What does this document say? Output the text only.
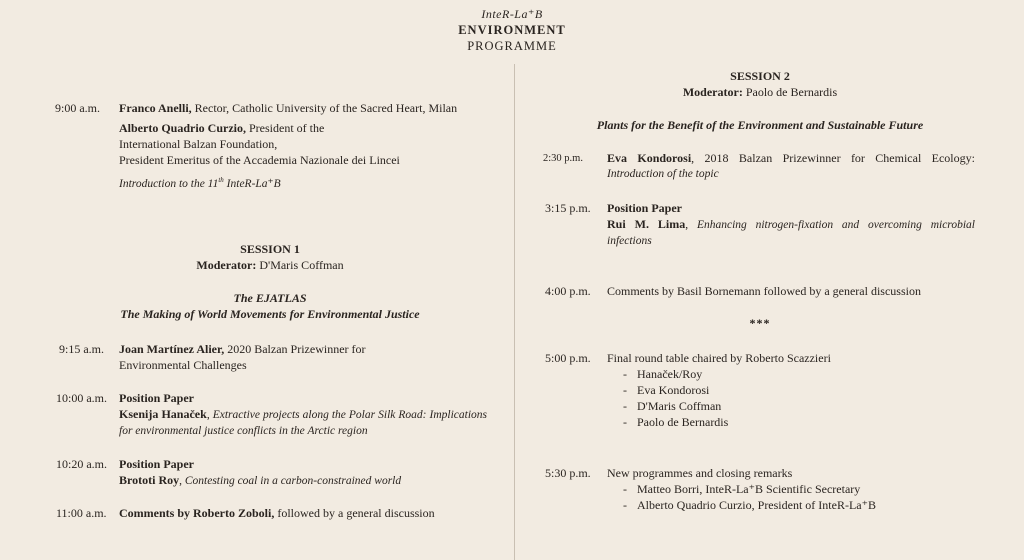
InteR-La⁺B
ENVIRONMENT
PROGRAMME
9:00 a.m. Franco Anelli, Rector, Catholic University of the Sacred Heart, Milan
Alberto Quadrio Curzio, President of the
International Balzan Foundation,
President Emeritus of the Accademia Nazionale dei Lincei
Introduction to the 11th InteR-La⁺B
SESSION 1
Moderator: D'Maris Coffman
The EJATLAS
The Making of World Movements for Environmental Justice
9:15 a.m. Joan Martínez Alier, 2020 Balzan Prizewinner for
Environmental Challenges
10:00 a.m. Position Paper
Ksenija Hanaček, Extractive projects along the Polar Silk Road: Implications for environmental justice conflicts in the Arctic region
10:20 a.m. Position Paper
Brototi Roy, Contesting coal in a carbon-constrained world
11:00 a.m. Comments by Roberto Zoboli, followed by a general discussion
SESSION 2
Moderator: Paolo de Bernardis
Plants for the Benefit of the Environment and Sustainable Future
2:30 p.m. Eva Kondorosi, 2018 Balzan Prizewinner for Chemical Ecology:
Introduction of the topic
3:15 p.m. Position Paper
Rui M. Lima, Enhancing nitrogen-fixation and overcoming microbial infections
4:00 p.m. Comments by Basil Bornemann followed by a general discussion
***
5:00 p.m. Final round table chaired by Roberto Scazzieri
- Hanaček/Roy
- Eva Kondorosi
- D'Maris Coffman
- Paolo de Bernardis
5:30 p.m. New programmes and closing remarks
- Matteo Borri, InteR-La⁺B Scientific Secretary
- Alberto Quadrio Curzio, President of InteR-La⁺B
